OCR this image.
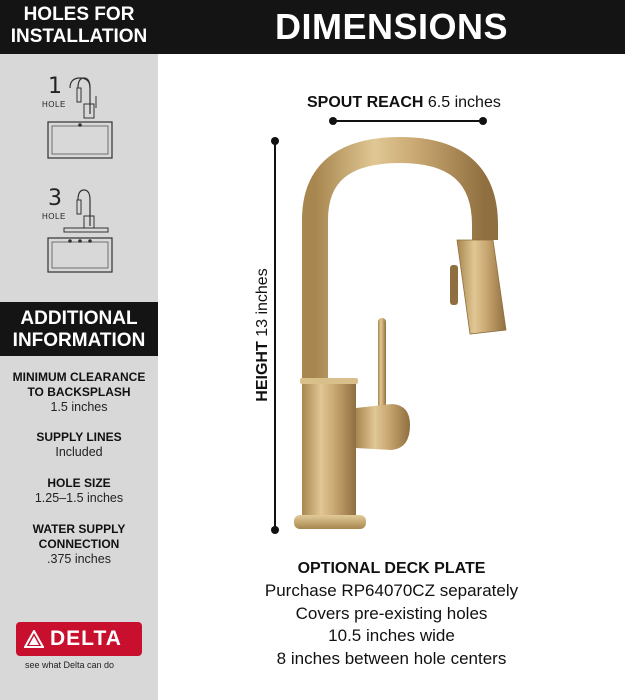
HOLES FOR
INSTALLATION
1
HOLE
3
HOLE
ADDITIONAL
INFORMATION
MINIMUM CLEARANCE
TO BACKSPLASH
1.5 inches
SUPPLY LINES
Included
HOLE SIZE
1.25–1.5 inches
WATER SUPPLY
CONNECTION
.375 inches
DELTA
see what Delta can do
DIMENSIONS
SPOUT REACH 6.5 inches
HEIGHT 13 inches
OPTIONAL DECK PLATE
Purchase RP64070CZ separately
Covers pre-existing holes
10.5 inches wide
8 inches between hole centers
